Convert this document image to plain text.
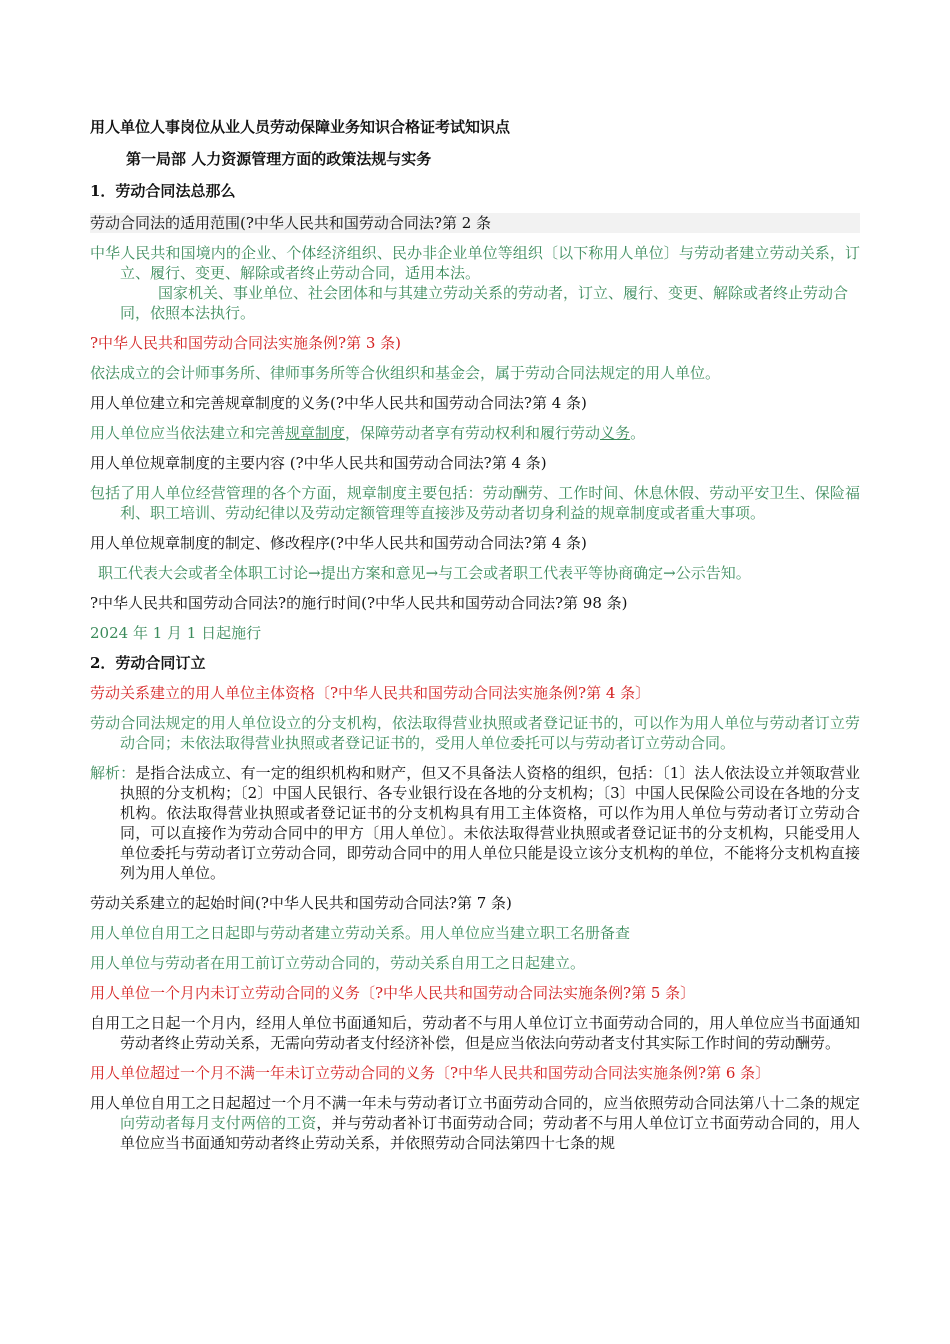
用人单位人事岗位从业人员劳动保障业务知识合格证考试知识点

第一局部 人力资源管理方面的政策法规与实务

1．劳动合同法总那么

劳动合同法的适用范围(?中华人民共和国劳动合同法?第 2 条

中华人民共和国境内的企业、个体经济组织、民办非企业单位等组织〔以下称用人单位〕与劳动者建立劳动关系，订立、履行、变更、解除或者终止劳动合同，适用本法。

国家机关、事业单位、社会团体和与其建立劳动关系的劳动者，订立、履行、变更、解除或者终止劳动合同，依照本法执行。

?中华人民共和国劳动合同法实施条例?第 3 条)

依法成立的会计师事务所、律师事务所等合伙组织和基金会，属于劳动合同法规定的用人单位。

用人单位建立和完善规章制度的义务(?中华人民共和国劳动合同法?第 4 条)

用人单位应当依法建立和完善规章制度，保障劳动者享有劳动权利和履行劳动义务。

用人单位规章制度的主要内容 (?中华人民共和国劳动合同法?第 4 条)

包括了用人单位经营管理的各个方面，规章制度主要包括：劳动酬劳、工作时间、休息休假、劳动平安卫生、保险福利、职工培训、劳动纪律以及劳动定额管理等直接涉及劳动者切身利益的规章制度或者重大事项。

用人单位规章制度的制定、修改程序(?中华人民共和国劳动合同法?第 4 条)

职工代表大会或者全体职工讨论→提出方案和意见→与工会或者职工代表平等协商确定→公示告知。

?中华人民共和国劳动合同法?的施行时间(?中华人民共和国劳动合同法?第 98 条)

2024 年 1 月 1 日起施行

2．劳动合同订立

劳动关系建立的用人单位主体资格〔?中华人民共和国劳动合同法实施条例?第 4 条〕

劳动合同法规定的用人单位设立的分支机构，依法取得营业执照或者登记证书的，可以作为用人单位与劳动者订立劳动合同；未依法取得营业执照或者登记证书的，受用人单位委托可以与劳动者订立劳动合同。

解析：是指合法成立、有一定的组织机构和财产，但又不具备法人资格的组织，包括：〔1〕法人依法设立并领取营业执照的分支机构；〔2〕中国人民银行、各专业银行设在各地的分支机构；〔3〕中国人民保险公司设在各地的分支机构。依法取得营业执照或者登记证书的分支机构具有用工主体资格，可以作为用人单位与劳动者订立劳动合同，可以直接作为劳动合同中的甲方〔用人单位〕。未依法取得营业执照或者登记证书的分支机构，只能受用人单位委托与劳动者订立劳动合同，即劳动合同中的用人单位只能是设立该分支机构的单位，不能将分支机构直接列为用人单位。

劳动关系建立的起始时间(?中华人民共和国劳动合同法?第 7 条)

用人单位自用工之日起即与劳动者建立劳动关系。用人单位应当建立职工名册备查

用人单位与劳动者在用工前订立劳动合同的，劳动关系自用工之日起建立。

用人单位一个月内未订立劳动合同的义务〔?中华人民共和国劳动合同法实施条例?第 5 条〕

自用工之日起一个月内，经用人单位书面通知后，劳动者不与用人单位订立书面劳动合同的，用人单位应当书面通知劳动者终止劳动关系，无需向劳动者支付经济补偿，但是应当依法向劳动者支付其实际工作时间的劳动酬劳。

用人单位超过一个月不满一年未订立劳动合同的义务〔?中华人民共和国劳动合同法实施条例?第 6 条〕

用人单位自用工之日起超过一个月不满一年未与劳动者订立书面劳动合同的，应当依照劳动合同法第八十二条的规定向劳动者每月支付两倍的工资，并与劳动者补订书面劳动合同；劳动者不与用人单位订立书面劳动合同的，用人单位应当书面通知劳动者终止劳动关系，并依照劳动合同法第四十七条的规
